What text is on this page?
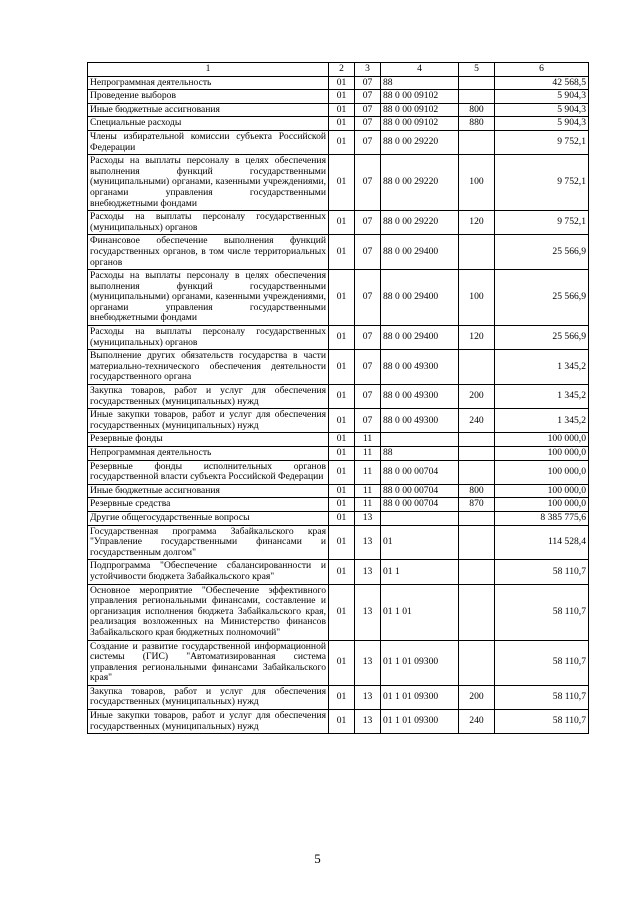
1	2	3	4	5	6
Непрограммная деятельность	01	07	88		42 568,5
Проведение выборов	01	07	88 0 00 09102		5 904,3
Иные бюджетные ассигнования	01	07	88 0 00 09102	800	5 904,3
Специальные расходы	01	07	88 0 00 09102	880	5 904,3
Члены избирательной комиссии субъекта Российской Федерации	01	07	88 0 00 29220		9 752,1
Расходы на выплаты персоналу в целях обеспечения выполнения функций государственными (муниципальными) органами, казенными учреждениями, органами управления государственными внебюджетными фондами	01	07	88 0 00 29220	100	9 752,1
Расходы на выплаты персоналу государственных (муниципальных) органов	01	07	88 0 00 29220	120	9 752,1
Финансовое обеспечение выполнения функций государственных органов, в том числе территориальных органов	01	07	88 0 00 29400		25 566,9
Расходы на выплаты персоналу в целях обеспечения выполнения функций государственными (муниципальными) органами, казенными учреждениями, органами управления государственными внебюджетными фондами	01	07	88 0 00 29400	100	25 566,9
Расходы на выплаты персоналу государственных (муниципальных) органов	01	07	88 0 00 29400	120	25 566,9
Выполнение других обязательств государства в части материально-технического обеспечения деятельности государственного органа	01	07	88 0 00 49300		1 345,2
Закупка товаров, работ и услуг для обеспечения государственных (муниципальных) нужд	01	07	88 0 00 49300	200	1 345,2
Иные закупки товаров, работ и услуг для обеспечения государственных (муниципальных) нужд	01	07	88 0 00 49300	240	1 345,2
Резервные фонды	01	11			100 000,0
Непрограммная деятельность	01	11	88		100 000,0
Резервные фонды исполнительных органов государственной власти субъекта Российской Федерации	01	11	88 0 00 00704		100 000,0
Иные бюджетные ассигнования	01	11	88 0 00 00704	800	100 000,0
Резервные средства	01	11	88 0 00 00704	870	100 000,0
Другие общегосударственные вопросы	01	13			8 385 775,6
Государственная программа Забайкальского края "Управление государственными финансами и государственным долгом"	01	13	01		114 528,4
Подпрограмма "Обеспечение сбалансированности и устойчивости бюджета Забайкальского края"	01	13	01 1		58 110,7
Основное мероприятие "Обеспечение эффективного управления региональными финансами, составление и организация исполнения бюджета Забайкальского края, реализация возложенных на Министерство финансов Забайкальского края бюджетных полномочий"	01	13	01 1 01		58 110,7
Создание и развитие государственной информационной системы (ГИС) "Автоматизированная система управления региональными финансами Забайкальского края"	01	13	01 1 01 09300		58 110,7
Закупка товаров, работ и услуг для обеспечения государственных (муниципальных) нужд	01	13	01 1 01 09300	200	58 110,7
Иные закупки товаров, работ и услуг для обеспечения государственных (муниципальных) нужд	01	13	01 1 01 09300	240	58 110,7
5
